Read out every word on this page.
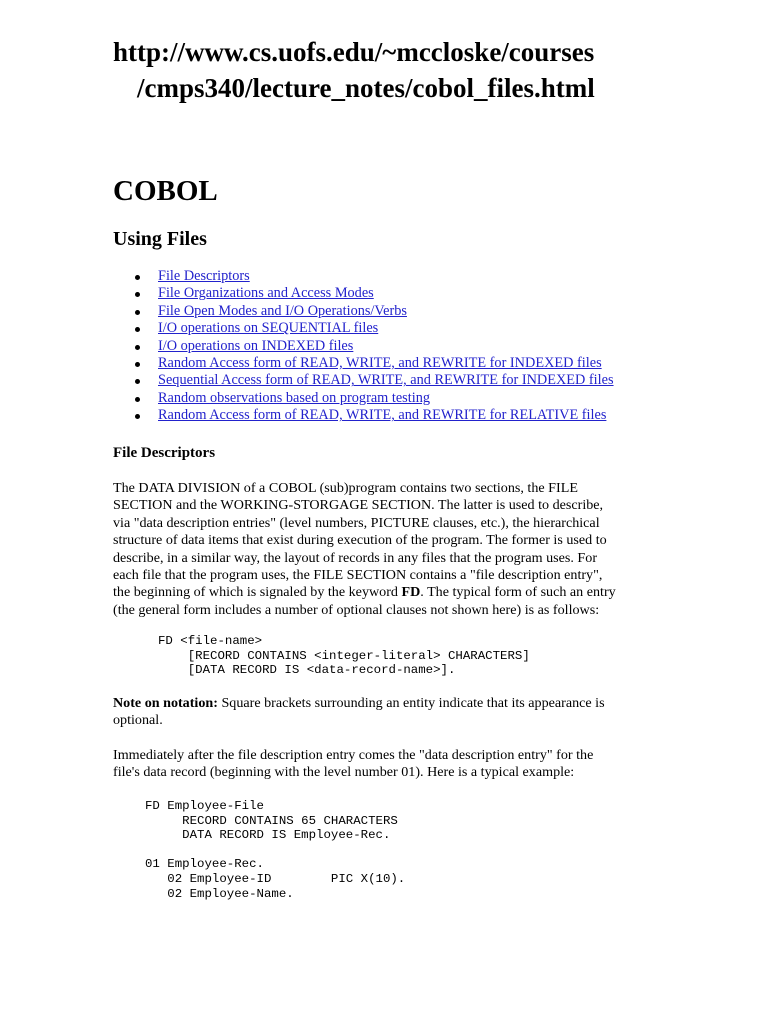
http://www.cs.uofs.edu/~mccloske/courses
/cmps340/lecture_notes/cobol_files.html
COBOL
Using Files
File Descriptors
File Organizations and Access Modes
File Open Modes and I/O Operations/Verbs
I/O operations on SEQUENTIAL files
I/O operations on INDEXED files
Random Access form of READ, WRITE, and REWRITE for INDEXED files
Sequential Access form of READ, WRITE, and REWRITE for INDEXED files
Random observations based on program testing
Random Access form of READ, WRITE, and REWRITE for RELATIVE files
File Descriptors

The DATA DIVISION of a COBOL (sub)program contains two sections, the FILE
SECTION and the WORKING-STORGAGE SECTION. The latter is used to describe,
via "data description entries" (level numbers, PICTURE clauses, etc.), the hierarchical
structure of data items that exist during execution of the program. The former is used to
describe, in a similar way, the layout of records in any files that the program uses. For
each file that the program uses, the FILE SECTION contains a "file description entry",
the beginning of which is signaled by the keyword FD. The typical form of such an entry
(the general form includes a number of optional clauses not shown here) is as follows:

FD <file-name>
[RECORD CONTAINS <integer-literal> CHARACTERS]
[DATA RECORD IS <data-record-name>].

Note on notation: Square brackets surrounding an entity indicate that its appearance is
optional.

Immediately after the file description entry comes the "data description entry" for the
file's data record (beginning with the level number 01). Here is a typical example:

FD Employee-File
RECORD CONTAINS 65 CHARACTERS
DATA RECORD IS Employee-Rec.

01 Employee-Rec.
02 Employee-ID        PIC X(10).
02 Employee-Name.
